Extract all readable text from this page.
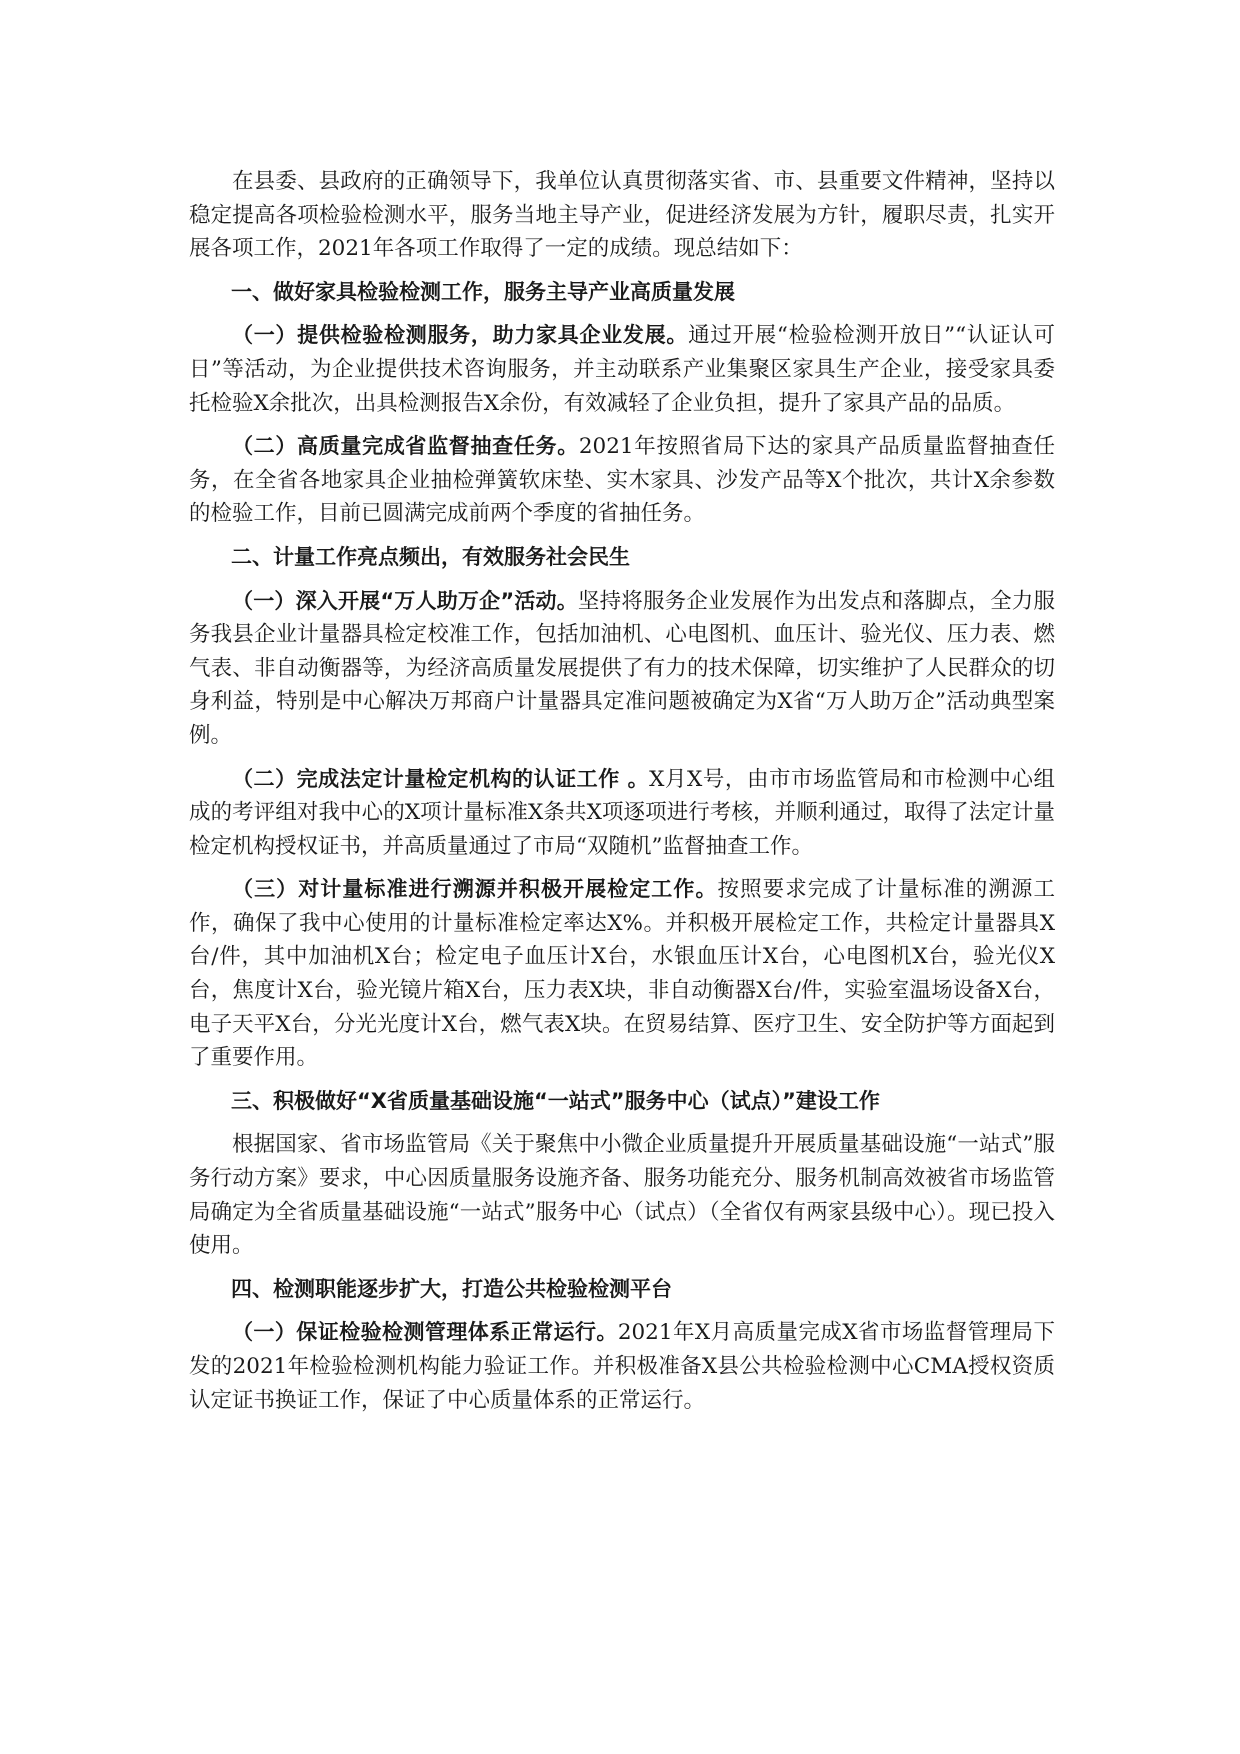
在县委、县政府的正确领导下，我单位认真贯彻落实省、市、县重要文件精神，坚持以稳定提高各项检验检测水平，服务当地主导产业，促进经济发展为方针，履职尽责，扎实开展各项工作，2021年各项工作取得了一定的成绩。现总结如下：

一、做好家具检验检测工作，服务主导产业高质量发展

（一）提供检验检测服务，助力家具企业发展。通过开展“检验检测开放日”“认证认可日”等活动，为企业提供技术咨询服务，并主动联系产业集聚区家具生产企业，接受家具委托检验X余批次，出具检测报告X余份，有效减轻了企业负担，提升了家具产品的品质。

（二）高质量完成省监督抽查任务。2021年按照省局下达的家具产品质量监督抽查任务，在全省各地家具企业抽检弹簧软床垫、实木家具、沙发产品等X个批次，共计X余参数的检验工作，目前已圆满完成前两个季度的省抽任务。

二、计量工作亮点频出，有效服务社会民生

（一）深入开展“万人助万企”活动。坚持将服务企业发展作为出发点和落脚点，全力服务我县企业计量器具检定校准工作，包括加油机、心电图机、血压计、验光仪、压力表、燃气表、非自动衡器等，为经济高质量发展提供了有力的技术保障，切实维护了人民群众的切身利益，特别是中心解决万邦商户计量器具定准问题被确定为X省“万人助万企”活动典型案例。

（二）完成法定计量检定机构的认证工作 。X月X号，由市市场监管局和市检测中心组成的考评组对我中心的X项计量标准X条共X项逐项进行考核，并顺利通过，取得了法定计量检定机构授权证书，并高质量通过了市局“双随机”监督抽查工作。

（三）对计量标准进行溯源并积极开展检定工作。按照要求完成了计量标准的溯源工作，确保了我中心使用的计量标准检定率达X%。并积极开展检定工作，共检定计量器具X台/件，其中加油机X台；检定电子血压计X台，水银血压计X台，心电图机X台，验光仪X台，焦度计X台，验光镜片箱X台，压力表X块，非自动衡器X台/件，实验室温场设备X台，电子天平X台，分光光度计X台，燃气表X块。在贸易结算、医疗卫生、安全防护等方面起到了重要作用。

三、积极做好“X省质量基础设施“一站式”服务中心（试点）”建设工作

根据国家、省市场监管局《关于聚焦中小微企业质量提升开展质量基础设施“一站式”服务行动方案》要求，中心因质量服务设施齐备、服务功能充分、服务机制高效被省市场监管局确定为全省质量基础设施“一站式”服务中心（试点）（全省仅有两家县级中心）。现已投入使用。

四、检测职能逐步扩大，打造公共检验检测平台

（一）保证检验检测管理体系正常运行。2021年X月高质量完成X省市场监督管理局下发的2021年检验检测机构能力验证工作。并积极准备X县公共检验检测中心CMA授权资质认定证书换证工作，保证了中心质量体系的正常运行。
